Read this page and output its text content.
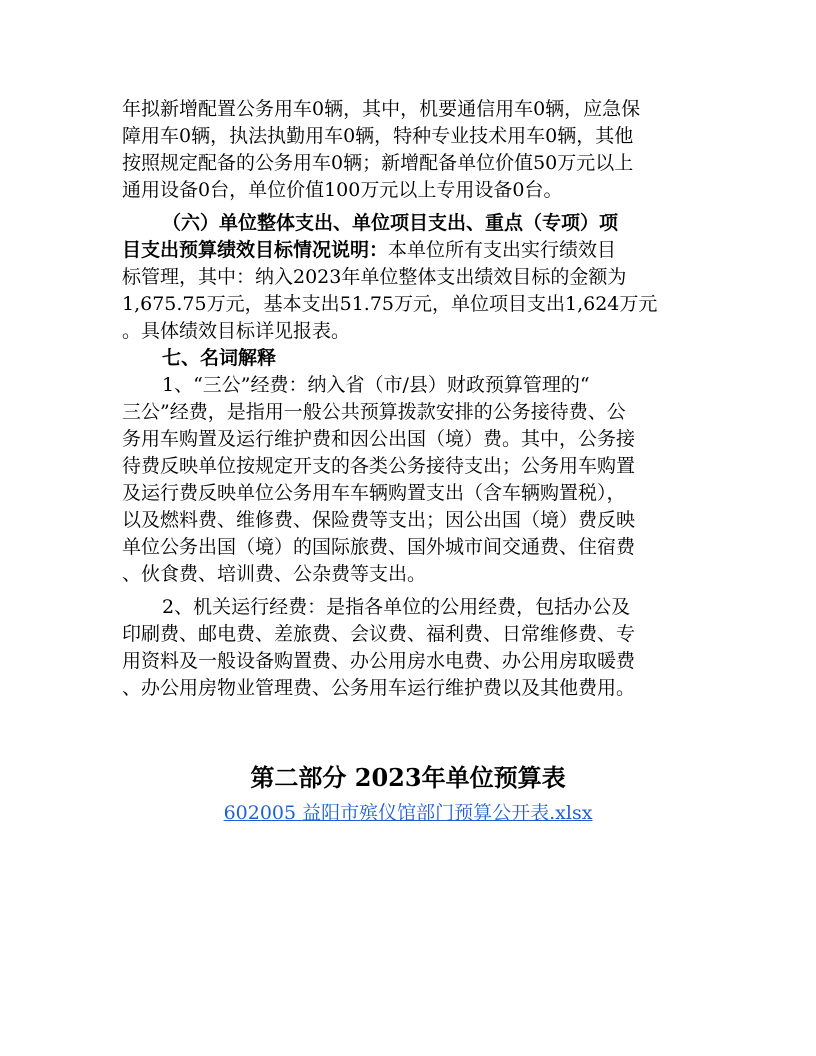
年拟新增配置公务用车0辆，其中，机要通信用车0辆，应急保
障用车0辆，执法执勤用车0辆，特种专业技术用车0辆，其他
按照规定配备的公务用车0辆；新增配备单位价值50万元以上
通用设备0台，单位价值100万元以上专用设备0台。
（六）单位整体支出、单位项目支出、重点（专项）项
目支出预算绩效目标情况说明：本单位所有支出实行绩效目
标管理，其中：纳入2023年单位整体支出绩效目标的金额为
1,675.75万元，基本支出51.75万元，单位项目支出1,624万元
。具体绩效目标详见报表。
七、名词解释
1、“三公”经费：纳入省（市/县）财政预算管理的“
三公”经费，是指用一般公共预算拨款安排的公务接待费、公
务用车购置及运行维护费和因公出国（境）费。其中，公务接
待费反映单位按规定开支的各类公务接待支出；公务用车购置
及运行费反映单位公务用车车辆购置支出（含车辆购置税），
以及燃料费、维修费、保险费等支出；因公出国（境）费反映
单位公务出国（境）的国际旅费、国外城市间交通费、住宿费
、伙食费、培训费、公杂费等支出。
2、机关运行经费：是指各单位的公用经费，包括办公及
印刷费、邮电费、差旅费、会议费、福利费、日常维修费、专
用资料及一般设备购置费、办公用房水电费、办公用房取暖费
、办公用房物业管理费、公务用车运行维护费以及其他费用。
第二部分 2023年单位预算表
602005 益阳市殡仪馆部门预算公开表.xlsx
